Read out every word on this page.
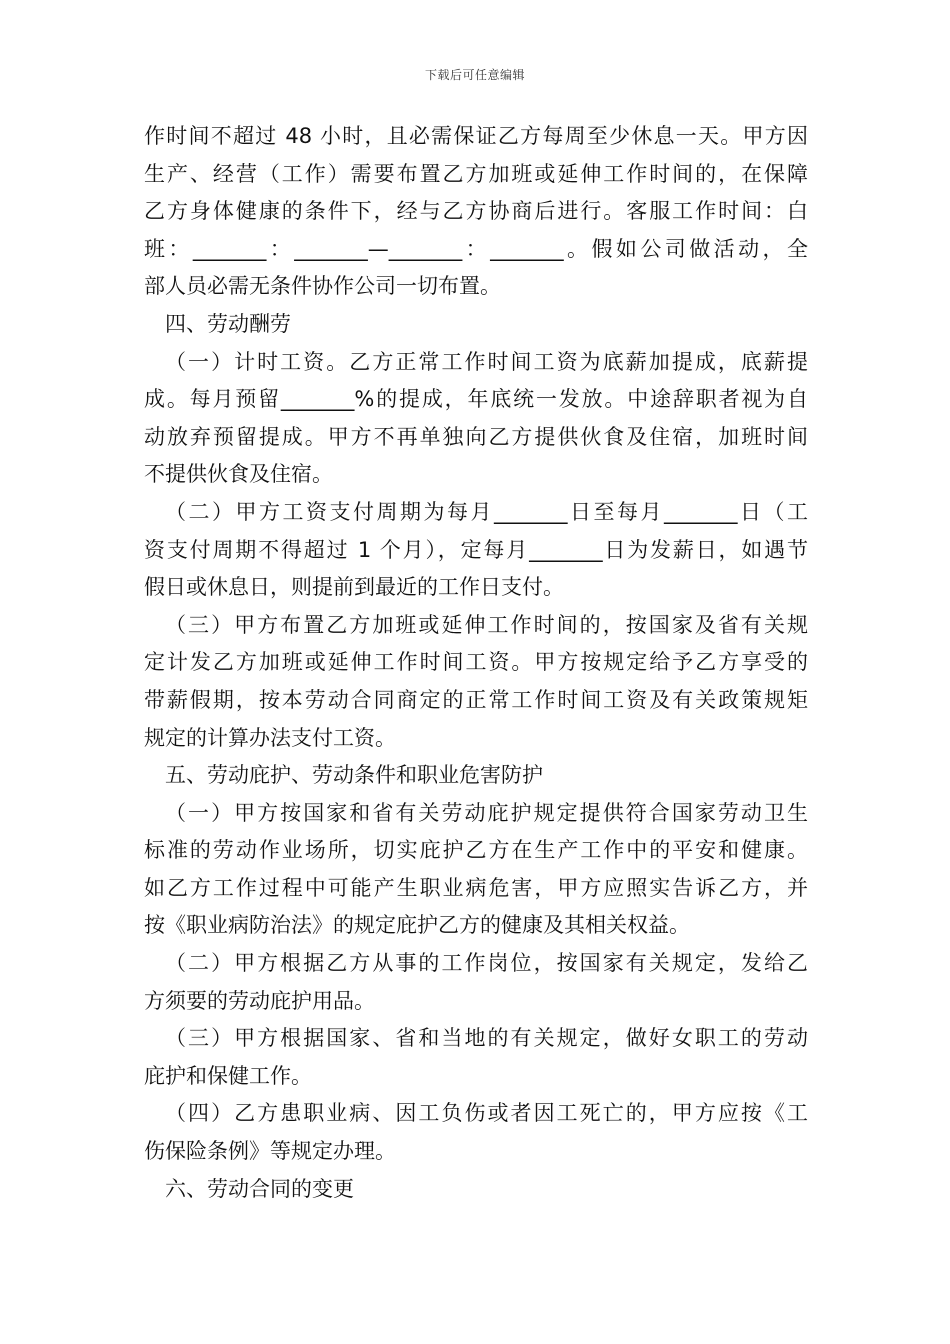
下载后可任意编辑
作时间不超过 48 小时，且必需保证乙方每周至少休息一天。甲方因
生产、经营（工作）需要布置乙方加班或延伸工作时间的，在保障
乙方身体健康的条件下，经与乙方协商后进行。客服工作时间：白
班：_______：_______—_______：_______。假如公司做活动，全
部人员必需无条件协作公司一切布置。
四、劳动酬劳
（一）计时工资。乙方正常工作时间工资为底薪加提成，底薪提
成。每月预留_______%的提成，年底统一发放。中途辞职者视为自
动放弃预留提成。甲方不再单独向乙方提供伙食及住宿，加班时间
不提供伙食及住宿。
（二）甲方工资支付周期为每月_______日至每月_______日（工
资支付周期不得超过 1 个月），定每月_______日为发薪日，如遇节
假日或休息日，则提前到最近的工作日支付。
（三）甲方布置乙方加班或延伸工作时间的，按国家及省有关规
定计发乙方加班或延伸工作时间工资。甲方按规定给予乙方享受的
带薪假期，按本劳动合同商定的正常工作时间工资及有关政策规矩
规定的计算办法支付工资。
五、劳动庇护、劳动条件和职业危害防护
（一）甲方按国家和省有关劳动庇护规定提供符合国家劳动卫生
标准的劳动作业场所，切实庇护乙方在生产工作中的平安和健康。
如乙方工作过程中可能产生职业病危害，甲方应照实告诉乙方，并
按《职业病防治法》的规定庇护乙方的健康及其相关权益。
（二）甲方根据乙方从事的工作岗位，按国家有关规定，发给乙
方须要的劳动庇护用品。
（三）甲方根据国家、省和当地的有关规定，做好女职工的劳动
庇护和保健工作。
（四）乙方患职业病、因工负伤或者因工死亡的，甲方应按《工
伤保险条例》等规定办理。
六、劳动合同的变更
